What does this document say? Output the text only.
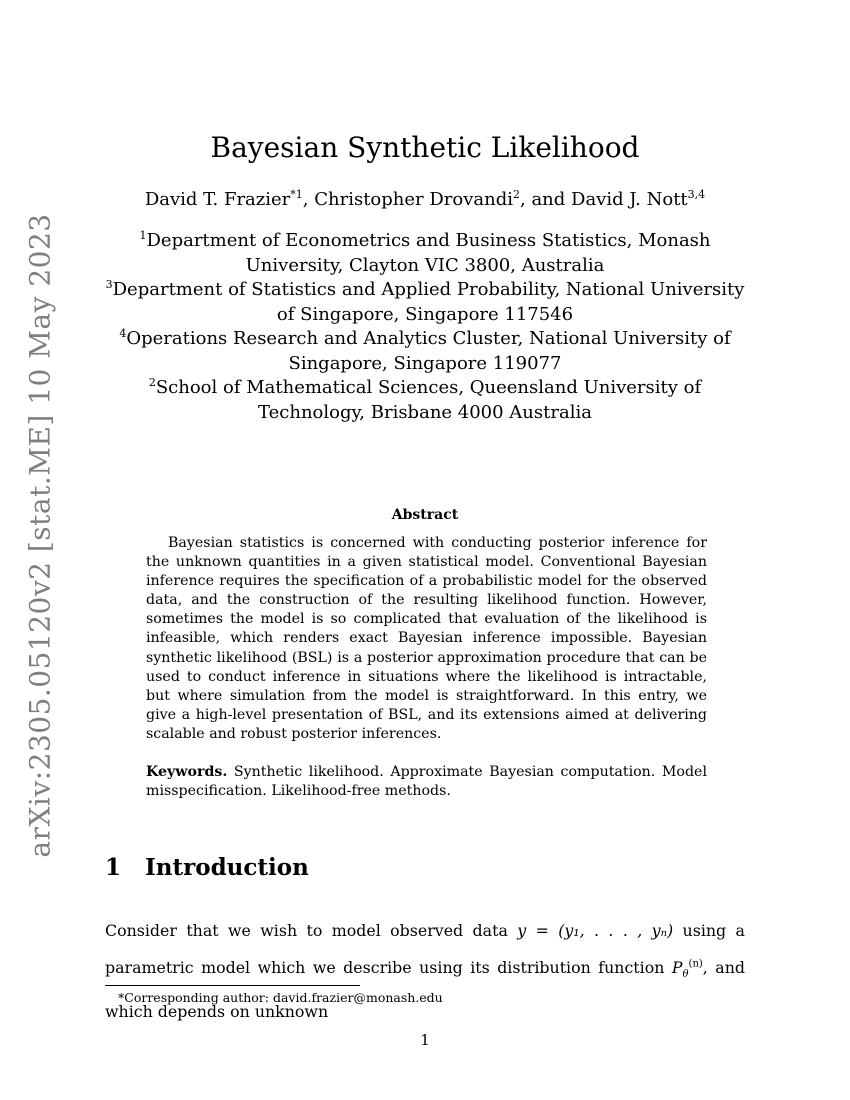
arXiv:2305.05120v2 [stat.ME] 10 May 2023
Bayesian Synthetic Likelihood
David T. Frazier$^{*1}$, Christopher Drovandi$^2$, and David J. Nott$^{3,4}$

$^1$Department of Econometrics and Business Statistics, Monash University, Clayton VIC 3800, Australia

$^3$Department of Statistics and Applied Probability, National University of Singapore, Singapore 117546

$^4$Operations Research and Analytics Cluster, National University of Singapore, Singapore 119077

$^2$School of Mathematical Sciences, Queensland University of Technology, Brisbane 4000 Australia

Abstract

Bayesian statistics is concerned with conducting posterior inference for the unknown quantities in a given statistical model. Conventional Bayesian inference requires the specification of a probabilistic model for the observed data, and the construction of the resulting likelihood function. However, sometimes the model is so complicated that evaluation of the likelihood is infeasible, which renders exact Bayesian inference impossible. Bayesian synthetic likelihood (BSL) is a posterior approximation procedure that can be used to conduct inference in situations where the likelihood is intractable, but where simulation from the model is straightforward. In this entry, we give a high-level presentation of BSL, and its extensions aimed at delivering scalable and robust posterior inferences.

Keywords. Synthetic likelihood. Approximate Bayesian computation. Model misspecification. Likelihood-free methods.

1 Introduction

Consider that we wish to model observed data y = (y₁, . . . , yₙ) using a parametric model which we describe using its distribution function $P_\theta^{(n)}$, and which depends on unknown

*Corresponding author: david.frazier@monash.edu
1
